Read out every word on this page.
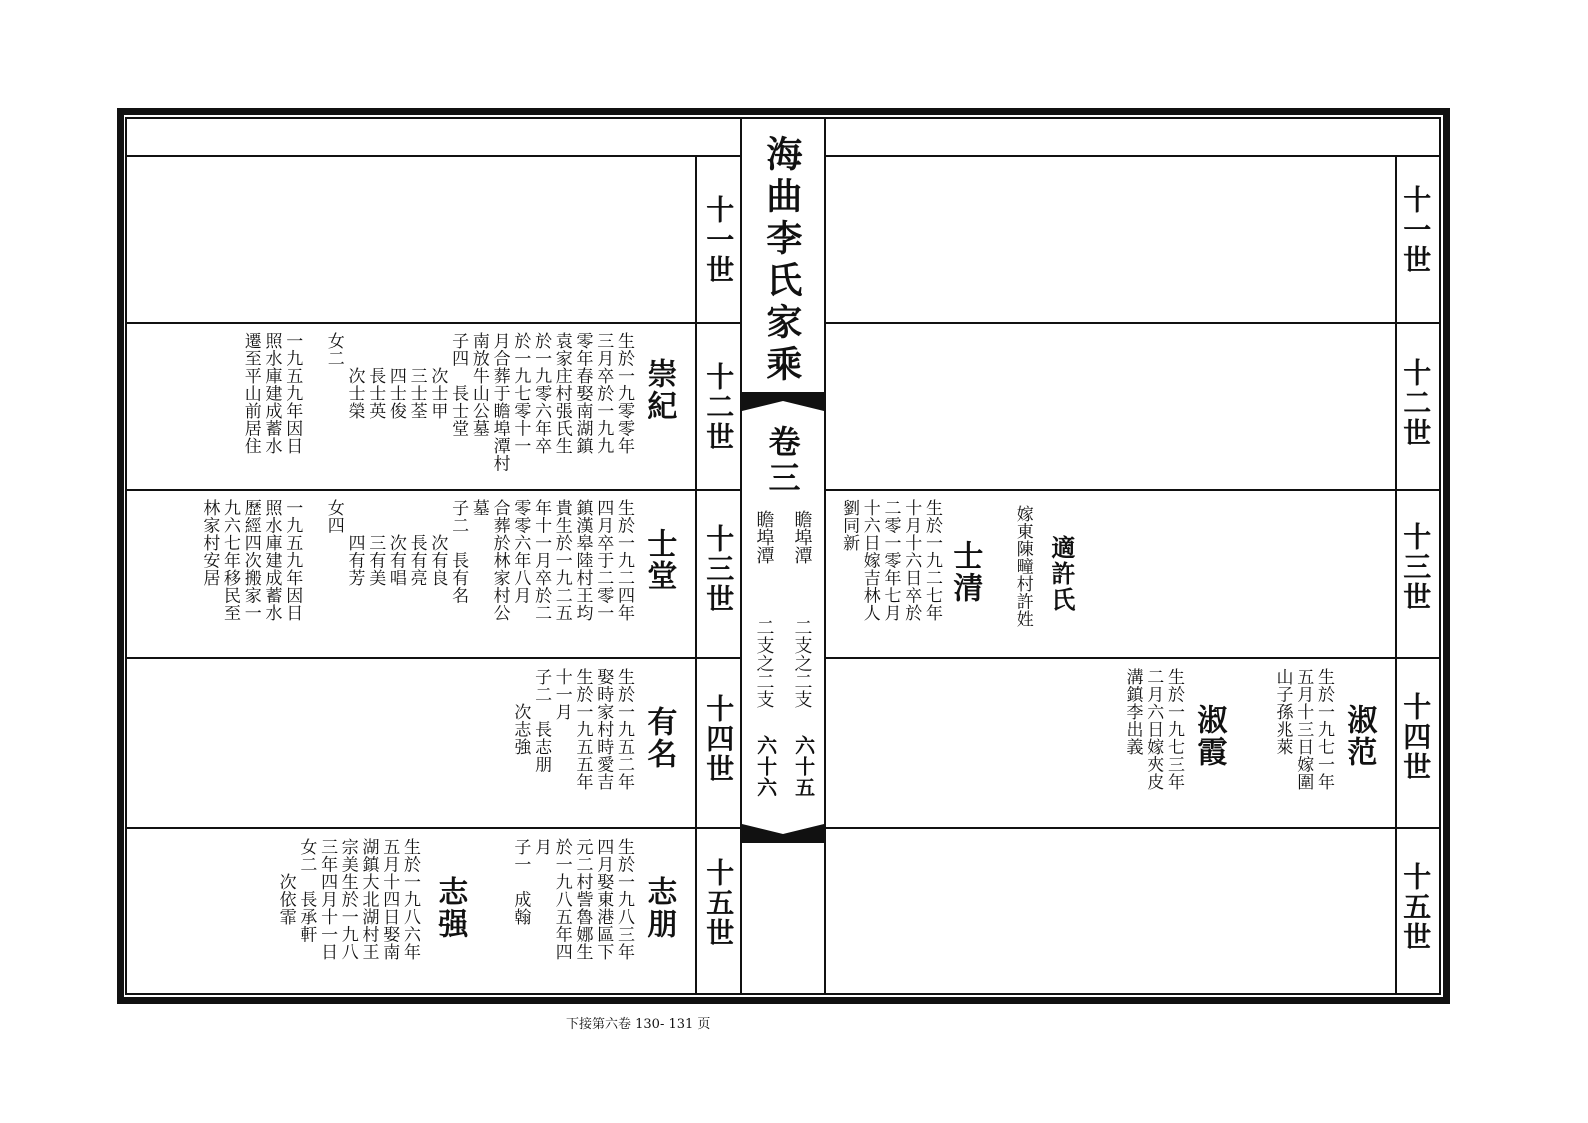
海曲李氏家乘
卷三
瞻埠潭
二支之二支
六十五
瞻埠潭
二支之二支
六十六
十一世
十二世
十三世
十四世
十五世
十一世
十二世
十三世
十四世
十五世
崇紀
生於一九零零年
三月卒於一九九
零年春娶南湖鎮
袁家庄村張氏生
於一九零六年卒
於一九七零十一
月合葬于瞻埠潭村
南放牛山公墓
子四　長士堂
　　次士甲
　　三士荃
　　四士俊
　　長士英
　　次士榮
女二

一九五九年因日
照水庫建成蓄水
遷至平山前居住
士堂
生於一九二四年
四月卒于二零一
鎮漢皋陸村王均
貴生於一九二五
年十一月卒於二
零零六年八月
合葬於林家村公
墓
子二　長有名
　　次有良
　　長有亮
　　次有唱
　　三有美
　　四有芳
女四

一九五九年因日
照水庫建成蓄水
歷經四次搬家一
九六七年移民至
林家村安居
有名
生於一九五二年
娶時家村時愛吉
生於一九五五年
十一月
子二　長志朋
　　次志強
志朋
生於一九八三年
四月娶東港區下
元二村訾魯娜生
於一九八五年四
月
子一　成翰
志强
生於一九八六年
五月十四日娶南
湖鎮大北湖村王
宗美生於一九八
三年四月十一日
女二　長承軒
　　次依霏
適許氏
嫁東陳疃村許姓
士清
生於一九二七年
十月十六日卒於
二零一零年七月
十六日嫁吉林人
劉同新
淑范
生於一九七一年
五月十三日嫁圍
山子孫兆萊
淑霞
生於一九七三年
二月六日嫁夾皮
溝鎮李出義
下接第六卷 130- 131 页
